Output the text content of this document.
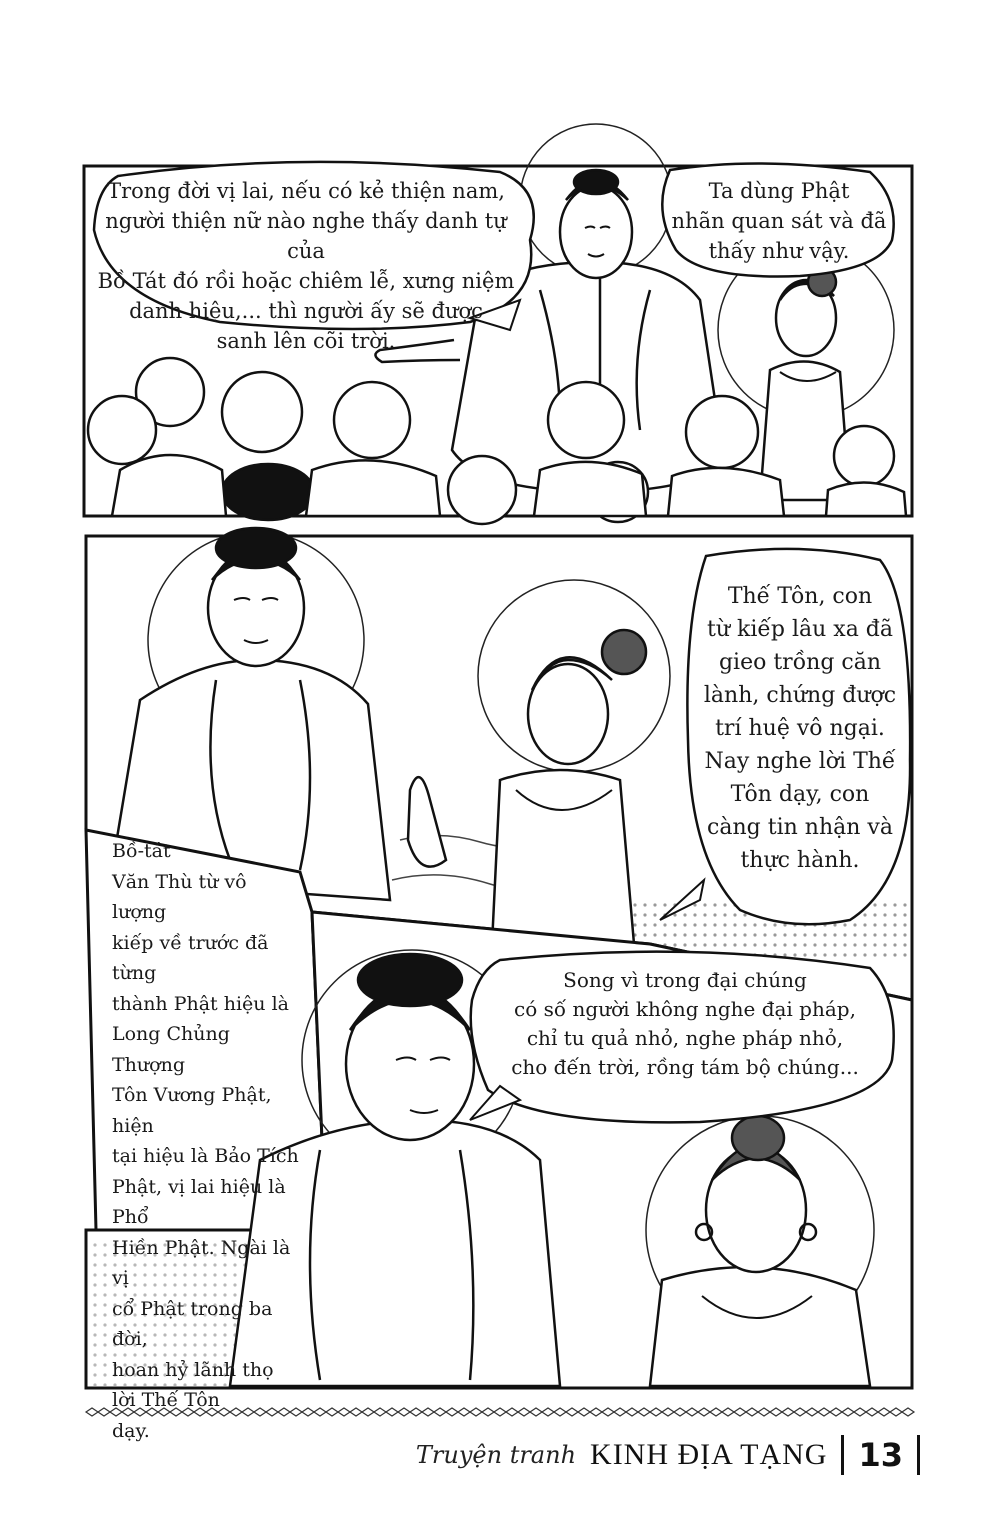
Trong đời vị lai, nếu có kẻ thiện nam,
người thiện nữ nào nghe thấy danh tự của
Bồ Tát đó rồi hoặc chiêm lễ, xưng niệm
danh hiệu,... thì người ấy sẽ được
sanh lên cõi trời.
Ta dùng Phật
nhãn quan sát và đã
thấy như vậy.
Thế Tôn, con
từ kiếp lâu xa đã
gieo trồng căn
lành, chứng được
trí huệ vô ngại.
Nay nghe lời Thế
Tôn dạy, con
càng tin nhận và
thực hành.
Bồ-tát
Văn Thù từ vô lượng
kiếp về trước đã từng
thành Phật hiệu là
Long Chủng Thượng
Tôn Vương Phật, hiện
tại hiệu là Bảo Tích
Phật, vị lai hiệu là Phổ
Hiền Phật. Ngài là vị
cổ Phật trong ba đời,
hoan hỷ lãnh thọ
lời Thế Tôn
dạy.
Song vì trong đại chúng
có số người không nghe đại pháp,
chỉ tu quả nhỏ, nghe pháp nhỏ,
cho đến trời, rồng tám bộ chúng...
Truyện tranh KINH ĐỊA TẠNG 13
